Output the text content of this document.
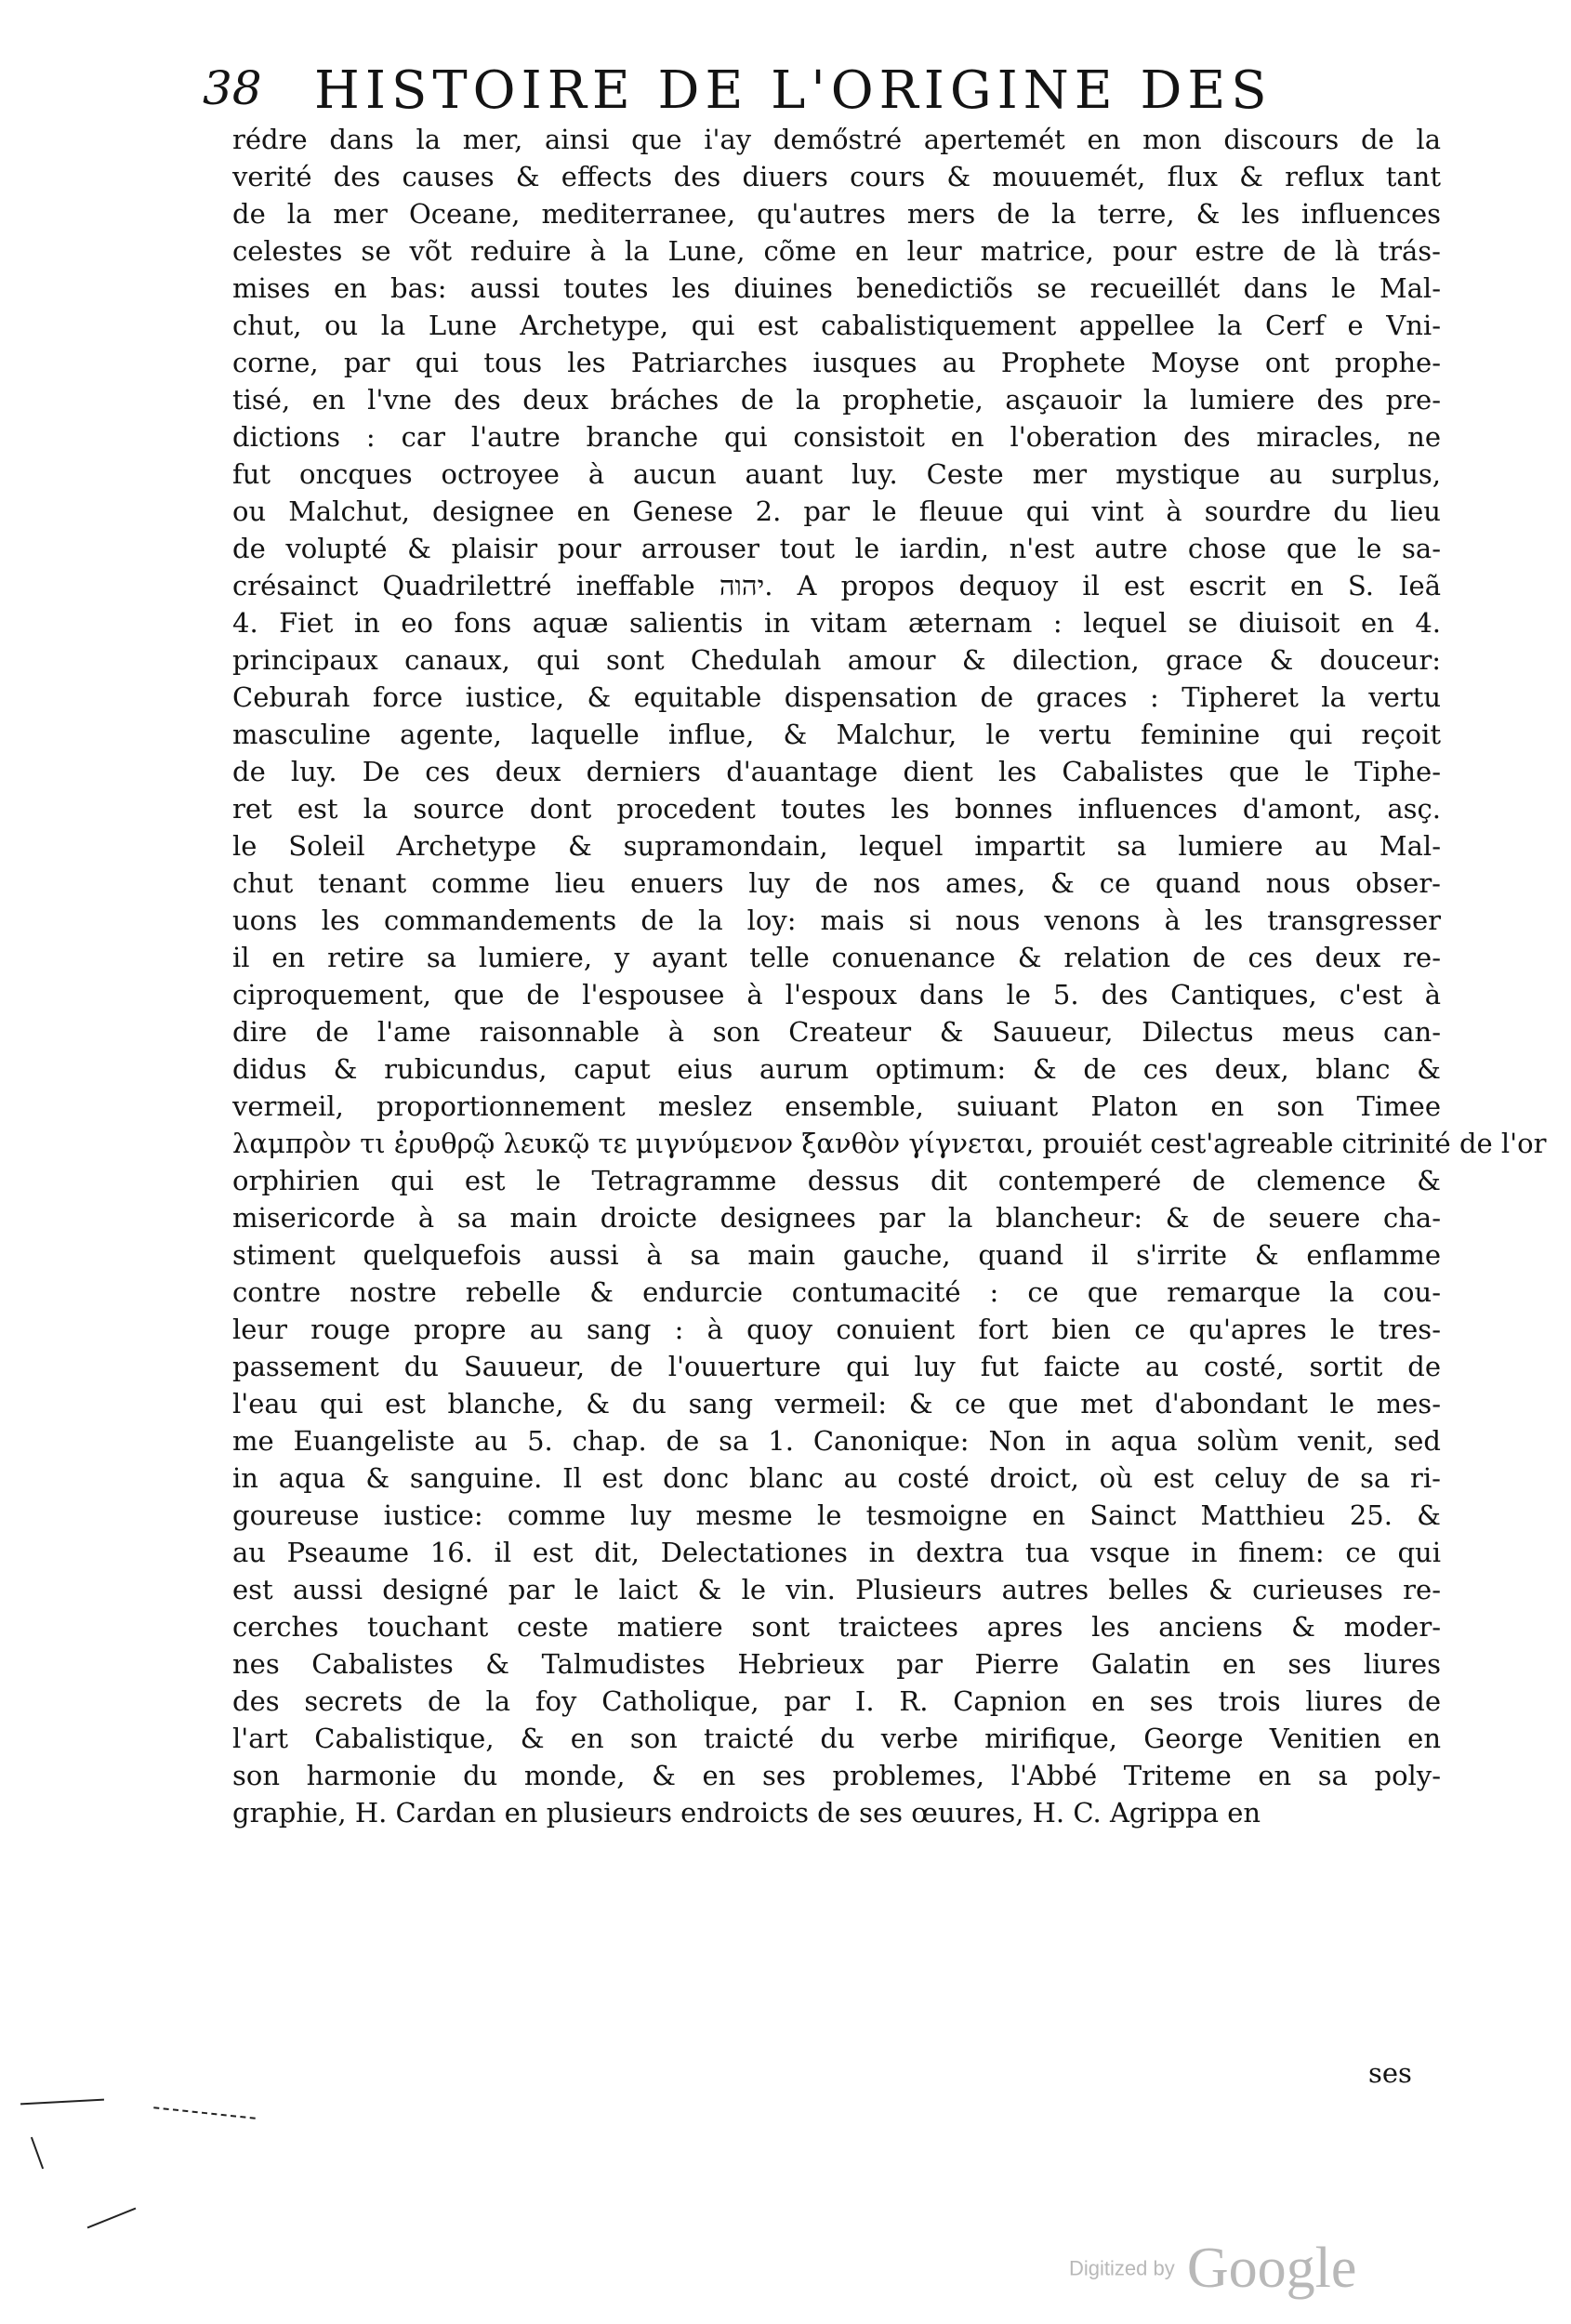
38 HISTOIRE DE L'ORIGINE DES
rédre dans la mer, ainsi que i'ay demőstré apertemét en mon discours de la
verité des causes & effects des diuers cours & mouuemét, flux & reflux tant
de la mer Oceane, mediterranee, qu'autres mers de la terre, & les influences
celestes se võt reduire à la Lune, cõme en leur matrice, pour estre de là trás-
mises en bas: aussi toutes les diuines benedictiõs se recueillét dans le Mal-
chut, ou la Lune Archetype, qui est cabalistiquement appellee la Cerf e Vni-
corne, par qui tous les Patriarches iusques au Prophete Moyse ont prophe-
tisé, en l'vne des deux bráches de la prophetie, asçauoir la lumiere des pre-
dictions : car l'autre branche qui consistoit en l'oberation des miracles, ne
fut oncques octroyee à aucun auant luy. Ceste mer mystique au surplus,
ou Malchut, designee en Genese 2. par le fleuue qui vint à sourdre du lieu
de volupté & plaisir pour arrouser tout le iardin, n'est autre chose que le sa-
crésainct Quadrilettré ineffable יהוה. A propos dequoy il est escrit en S. Ieã
4. Fiet in eo fons aquæ salientis in vitam æternam : lequel se diuisoit en 4.
principaux canaux, qui sont Chedulah amour & dilection, grace & douceur:
Ceburah force iustice, & equitable dispensation de graces : Tipheret la vertu
masculine agente, laquelle influe, & Malchur, le vertu feminine qui reçoit
de luy. De ces deux derniers d'auantage dient les Cabalistes que le Tiphe-
ret est la source dont procedent toutes les bonnes influences d'amont, asç.
le Soleil Archetype & supramondain, lequel impartit sa lumiere au Mal-
chut tenant comme lieu enuers luy de nos ames, & ce quand nous obser-
uons les commandements de la loy: mais si nous venons à les transgresser
il en retire sa lumiere, y ayant telle conuenance & relation de ces deux re-
ciproquement, que de l'espousee à l'espoux dans le 5. des Cantiques, c'est à
dire de l'ame raisonnable à son Createur & Sauueur, Dilectus meus can-
didus & rubicundus, caput eius aurum optimum: & de ces deux, blanc &
vermeil, proportionnement meslez ensemble, suiuant Platon en son Timee
λαμπρὸν τι ἐρυθρῷ λευκῷ τε μιγνύμενον ξανθὸν γίγνεται, prouiét cest'agreable citrinité de l'or
orphirien qui est le Tetragramme dessus dit contemperé de clemence &
misericorde à sa main droicte designees par la blancheur: & de seuere cha-
stiment quelquefois aussi à sa main gauche, quand il s'irrite & enflamme
contre nostre rebelle & endurcie contumacité : ce que remarque la cou-
leur rouge propre au sang : à quoy conuient fort bien ce qu'apres le tres-
passement du Sauueur, de l'ouuerture qui luy fut faicte au costé, sortit de
l'eau qui est blanche, & du sang vermeil: & ce que met d'abondant le mes-
me Euangeliste au 5. chap. de sa 1. Canonique: Non in aqua solùm venit, sed
in aqua & sanguine. Il est donc blanc au costé droict, où est celuy de sa ri-
goureuse iustice: comme luy mesme le tesmoigne en Sainct Matthieu 25. &
au Pseaume 16. il est dit, Delectationes in dextra tua vsque in finem: ce qui
est aussi designé par le laict & le vin. Plusieurs autres belles & curieuses re-
cerches touchant ceste matiere sont traictees apres les anciens & moder-
nes Cabalistes & Talmudistes Hebrieux par Pierre Galatin en ses liures
des secrets de la foy Catholique, par I. R. Capnion en ses trois liures de
l'art Cabalistique, & en son traicté du verbe mirifique, George Venitien en
son harmonie du monde, & en ses problemes, l'Abbé Triteme en sa poly-
graphie, H. Cardan en plusieurs endroicts de ses œuures, H. C. Agrippa en
ses
Digitized by Google
